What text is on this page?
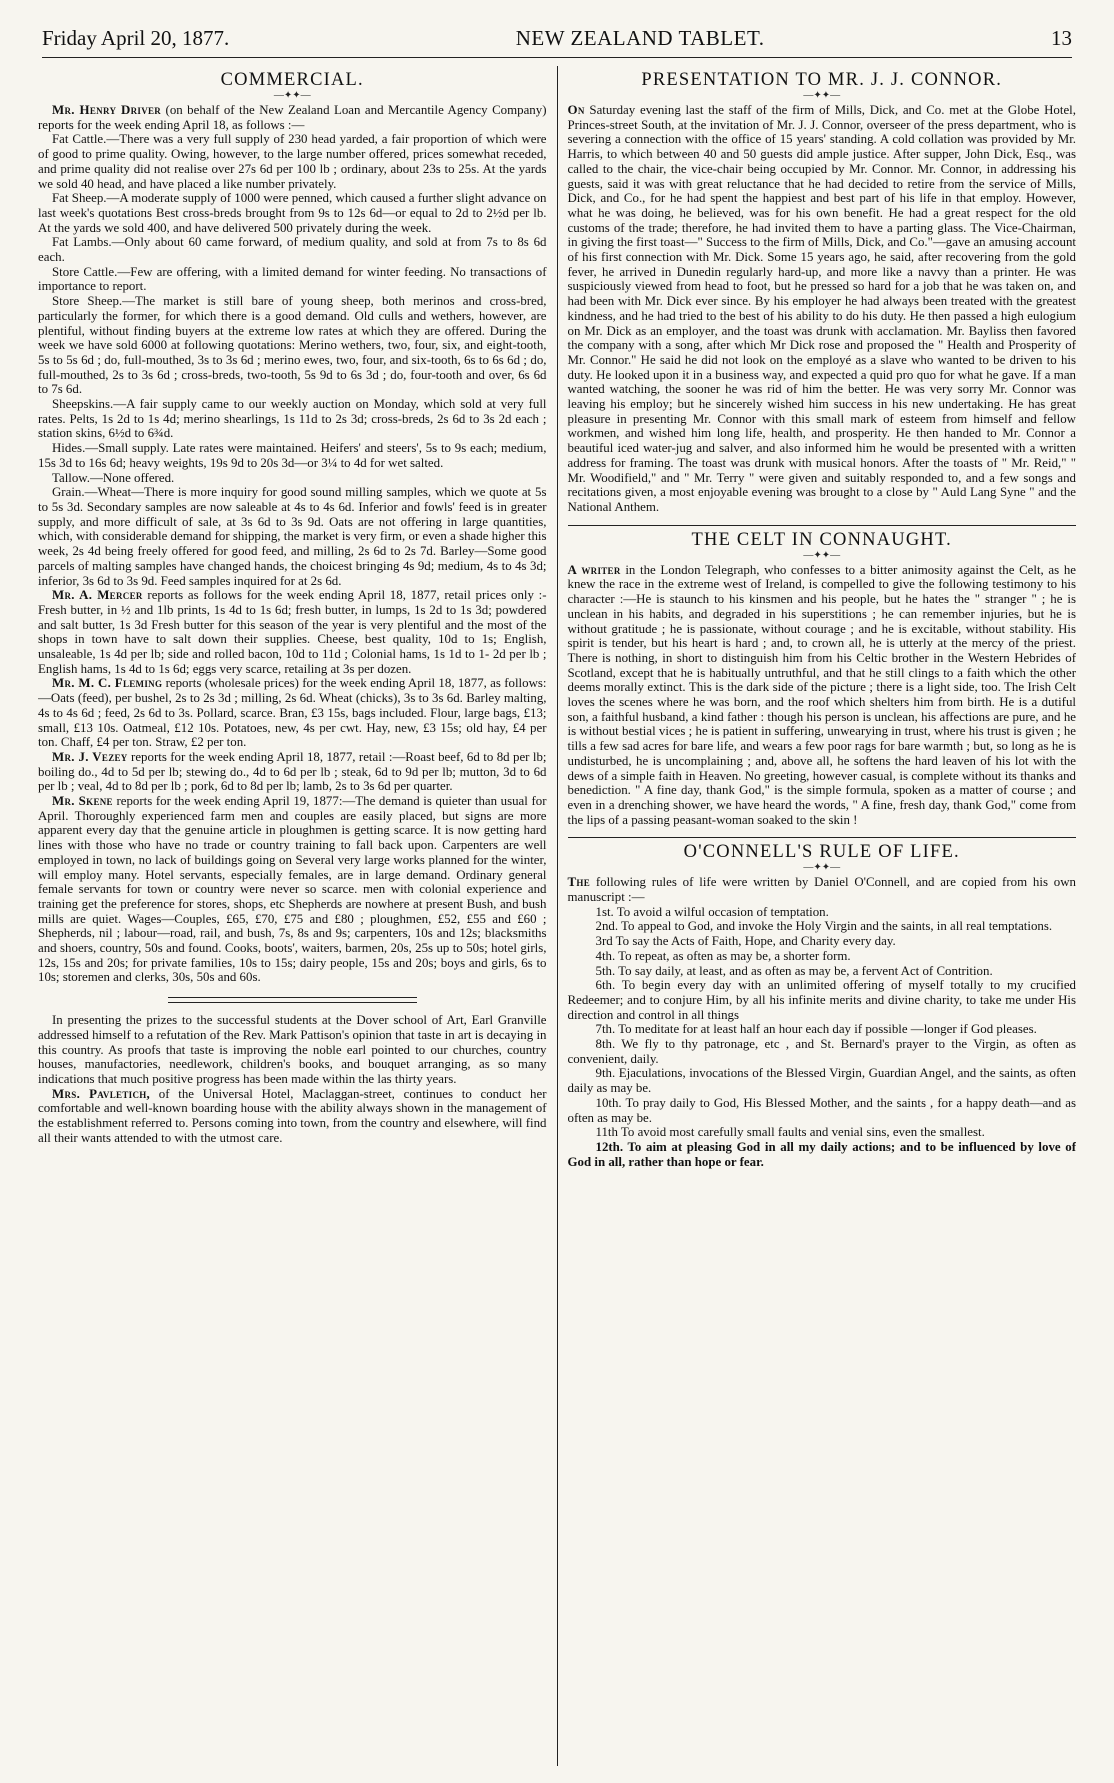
Friday April 20, 1877.	NEW ZEALAND TABLET.	13
COMMERCIAL.
—✦✦—

Mr. Henry Driver (on behalf of the New Zealand Loan and Mercantile Agency Company) reports for the week ending April 18, as follows :—

Fat Cattle.—There was a very full supply of 230 head yarded, a fair proportion of which were of good to prime quality. Owing, however, to the large number offered, prices somewhat receded, and prime quality did not realise over 27s 6d per 100 lb ; ordinary, about 23s to 25s. At the yards we sold 40 head, and have placed a like number privately.

Fat Sheep.—A moderate supply of 1000 were penned, which caused a further slight advance on last week's quotations Best cross-breds brought from 9s to 12s 6d—or equal to 2d to 2½d per lb. At the yards we sold 400, and have delivered 500 privately during the week.

Fat Lambs.—Only about 60 came forward, of medium quality, and sold at from 7s to 8s 6d each.

Store Cattle.—Few are offering, with a limited demand for winter feeding. No transactions of importance to report.

Store Sheep.—The market is still bare of young sheep, both merinos and cross-bred, particularly the former, for which there is a good demand. Old culls and wethers, however, are plentiful, without finding buyers at the extreme low rates at which they are offered. During the week we have sold 6000 at following quotations: Merino wethers, two, four, six, and eight-tooth, 5s to 5s 6d ; do, full-mouthed, 3s to 3s 6d ; merino ewes, two, four, and six-tooth, 6s to 6s 6d ; do, full-mouthed, 2s to 3s 6d ; cross-breds, two-tooth, 5s 9d to 6s 3d ; do, four-tooth and over, 6s 6d to 7s 6d.

Sheepskins.—A fair supply came to our weekly auction on Monday, which sold at very full rates. Pelts, 1s 2d to 1s 4d; merino shearlings, 1s 11d to 2s 3d; cross-breds, 2s 6d to 3s 2d each ; station skins, 6½d to 6¾d.

Hides.—Small supply. Late rates were maintained. Heifers' and steers', 5s to 9s each; medium, 15s 3d to 16s 6d; heavy weights, 19s 9d to 20s 3d—or 3¼ to 4d for wet salted.

Tallow.—None offered.

Grain.—Wheat—There is more inquiry for good sound milling samples, which we quote at 5s to 5s 3d. Secondary samples are now saleable at 4s to 4s 6d. Inferior and fowls' feed is in greater supply, and more difficult of sale, at 3s 6d to 3s 9d. Oats are not offering in large quantities, which, with considerable demand for shipping, the market is very firm, or even a shade higher this week, 2s 4d being freely offered for good feed, and milling, 2s 6d to 2s 7d. Barley—Some good parcels of malting samples have changed hands, the choicest bringing 4s 9d; medium, 4s to 4s 3d; inferior, 3s 6d to 3s 9d. Feed samples inquired for at 2s 6d.

Mr. A. Mercer reports as follows for the week ending April 18, 1877, retail prices only :- Fresh butter, in ½ and 1lb prints, 1s 4d to 1s 6d; fresh butter, in lumps, 1s 2d to 1s 3d; powdered and salt butter, 1s 3d Fresh butter for this season of the year is very plentiful and the most of the shops in town have to salt down their supplies. Cheese, best quality, 10d to 1s; English, unsaleable, 1s 4d per lb; side and rolled bacon, 10d to 11d ; Colonial hams, 1s 1d to 1- 2d per lb ; English hams, 1s 4d to 1s 6d; eggs very scarce, retailing at 3s per dozen.

Mr. M. C. Fleming reports (wholesale prices) for the week ending April 18, 1877, as follows:—Oats (feed), per bushel, 2s to 2s 3d ; milling, 2s 6d. Wheat (chicks), 3s to 3s 6d. Barley malting, 4s to 4s 6d ; feed, 2s 6d to 3s. Pollard, scarce. Bran, £3 15s, bags included. Flour, large bags, £13; small, £13 10s. Oatmeal, £12 10s. Potatoes, new, 4s per cwt. Hay, new, £3 15s; old hay, £4 per ton. Chaff, £4 per ton. Straw, £2 per ton.

Mr. J. Vezey reports for the week ending April 18, 1877, retail :—Roast beef, 6d to 8d per lb; boiling do., 4d to 5d per lb; stewing do., 4d to 6d per lb ; steak, 6d to 9d per lb; mutton, 3d to 6d per lb ; veal, 4d to 8d per lb ; pork, 6d to 8d per lb; lamb, 2s to 3s 6d per quarter.

Mr. Skene reports for the week ending April 19, 1877:—The demand is quieter than usual for April. Thoroughly experienced farm men and couples are easily placed, but signs are more apparent every day that the genuine article in ploughmen is getting scarce. It is now getting hard lines with those who have no trade or country training to fall back upon. Carpenters are well employed in town, no lack of buildings going on Several very large works planned for the winter, will employ many. Hotel servants, especially females, are in large demand. Ordinary general female servants for town or country were never so scarce. men with colonial experience and training get the preference for stores, shops, etc Shepherds are nowhere at present Bush, and bush mills are quiet. Wages—Couples, £65, £70, £75 and £80 ; ploughmen, £52, £55 and £60 ; Shepherds, nil ; labour—road, rail, and bush, 7s, 8s and 9s; carpenters, 10s and 12s; blacksmiths and shoers, country, 50s and found. Cooks, boots', waiters, barmen, 20s, 25s up to 50s; hotel girls, 12s, 15s and 20s; for private families, 10s to 15s; dairy people, 15s and 20s; boys and girls, 6s to 10s; storemen and clerks, 30s, 50s and 60s.

In presenting the prizes to the successful students at the Dover school of Art, Earl Granville addressed himself to a refutation of the Rev. Mark Pattison's opinion that taste in art is decaying in this country. As proofs that taste is improving the noble earl pointed to our churches, country houses, manufactories, needlework, children's books, and bouquet arranging, as so many indications that much positive progress has been made within the las thirty years.

Mrs. Pavletich, of the Universal Hotel, Maclaggan-street, continues to conduct her comfortable and well-known boarding house with the ability always shown in the management of the establishment referred to. Persons coming into town, from the country and elsewhere, will find all their wants attended to with the utmost care.

PRESENTATION TO MR. J. J. CONNOR.
—✦✦—

On Saturday evening last the staff of the firm of Mills, Dick, and Co. met at the Globe Hotel, Princes-street South, at the invitation of Mr. J. J. Connor, overseer of the press department, who is severing a connection with the office of 15 years' standing. A cold collation was provided by Mr. Harris, to which between 40 and 50 guests did ample justice. After supper, John Dick, Esq., was called to the chair, the vice-chair being occupied by Mr. Connor. Mr. Connor, in addressing his guests, said it was with great reluctance that he had decided to retire from the service of Mills, Dick, and Co., for he had spent the happiest and best part of his life in that employ. However, what he was doing, he believed, was for his own benefit. He had a great respect for the old customs of the trade; therefore, he had invited them to have a parting glass. The Vice-Chairman, in giving the first toast—" Success to the firm of Mills, Dick, and Co."—gave an amusing account of his first connection with Mr. Dick. Some 15 years ago, he said, after recovering from the gold fever, he arrived in Dunedin regularly hard-up, and more like a navvy than a printer. He was suspiciously viewed from head to foot, but he pressed so hard for a job that he was taken on, and had been with Mr. Dick ever since. By his employer he had always been treated with the greatest kindness, and he had tried to the best of his ability to do his duty. He then passed a high eulogium on Mr. Dick as an employer, and the toast was drunk with acclamation. Mr. Bayliss then favored the company with a song, after which Mr Dick rose and proposed the " Health and Prosperity of Mr. Connor." He said he did not look on the employé as a slave who wanted to be driven to his duty. He looked upon it in a business way, and expected a quid pro quo for what he gave. If a man wanted watching, the sooner he was rid of him the better. He was very sorry Mr. Connor was leaving his employ; but he sincerely wished him success in his new undertaking. He has great pleasure in presenting Mr. Connor with this small mark of esteem from himself and fellow workmen, and wished him long life, health, and prosperity. He then handed to Mr. Connor a beautiful iced water-jug and salver, and also informed him he would be presented with a written address for framing. The toast was drunk with musical honors. After the toasts of " Mr. Reid," " Mr. Woodifield," and " Mr. Terry " were given and suitably responded to, and a few songs and recitations given, a most enjoyable evening was brought to a close by " Auld Lang Syne " and the National Anthem.

THE CELT IN CONNAUGHT.
—✦✦—

A writer in the London Telegraph, who confesses to a bitter animosity against the Celt, as he knew the race in the extreme west of Ireland, is compelled to give the following testimony to his character :—He is staunch to his kinsmen and his people, but he hates the " stranger " ; he is unclean in his habits, and degraded in his superstitions ; he can remember injuries, but he is without gratitude ; he is passionate, without courage ; and he is excitable, without stability. His spirit is tender, but his heart is hard ; and, to crown all, he is utterly at the mercy of the priest. There is nothing, in short to distinguish him from his Celtic brother in the Western Hebrides of Scotland, except that he is habitually untruthful, and that he still clings to a faith which the other deems morally extinct. This is the dark side of the picture ; there is a light side, too. The Irish Celt loves the scenes where he was born, and the roof which shelters him from birth. He is a dutiful son, a faithful husband, a kind father : though his person is unclean, his affections are pure, and he is without bestial vices ; he is patient in suffering, unwearying in trust, where his trust is given ; he tills a few sad acres for bare life, and wears a few poor rags for bare warmth ; but, so long as he is undisturbed, he is uncomplaining ; and, above all, he softens the hard leaven of his lot with the dews of a simple faith in Heaven. No greeting, however casual, is complete without its thanks and benediction. " A fine day, thank God," is the simple formula, spoken as a matter of course ; and even in a drenching shower, we have heard the words, " A fine, fresh day, thank God," come from the lips of a passing peasant-woman soaked to the skin !

O'CONNELL'S RULE OF LIFE.
—✦✦—

The following rules of life were written by Daniel O'Connell, and are copied from his own manuscript :—

1st. To avoid a wilful occasion of temptation.

2nd. To appeal to God, and invoke the Holy Virgin and the saints, in all real temptations.

3rd To say the Acts of Faith, Hope, and Charity every day.

4th. To repeat, as often as may be, a shorter form.

5th. To say daily, at least, and as often as may be, a fervent Act of Contrition.

6th. To begin every day with an unlimited offering of myself totally to my crucified Redeemer; and to conjure Him, by all his infinite merits and divine charity, to take me under His direction and control in all things

7th. To meditate for at least half an hour each day if possible —longer if God pleases.

8th. We fly to thy patronage, etc , and St. Bernard's prayer to the Virgin, as often as convenient, daily.

9th. Ejaculations, invocations of the Blessed Virgin, Guardian Angel, and the saints, as often daily as may be.

10th. To pray daily to God, His Blessed Mother, and the saints , for a happy death—and as often as may be.

11th To avoid most carefully small faults and venial sins, even the smallest.

12th. To aim at pleasing God in all my daily actions; and to be influenced by love of God in all, rather than hope or fear.
